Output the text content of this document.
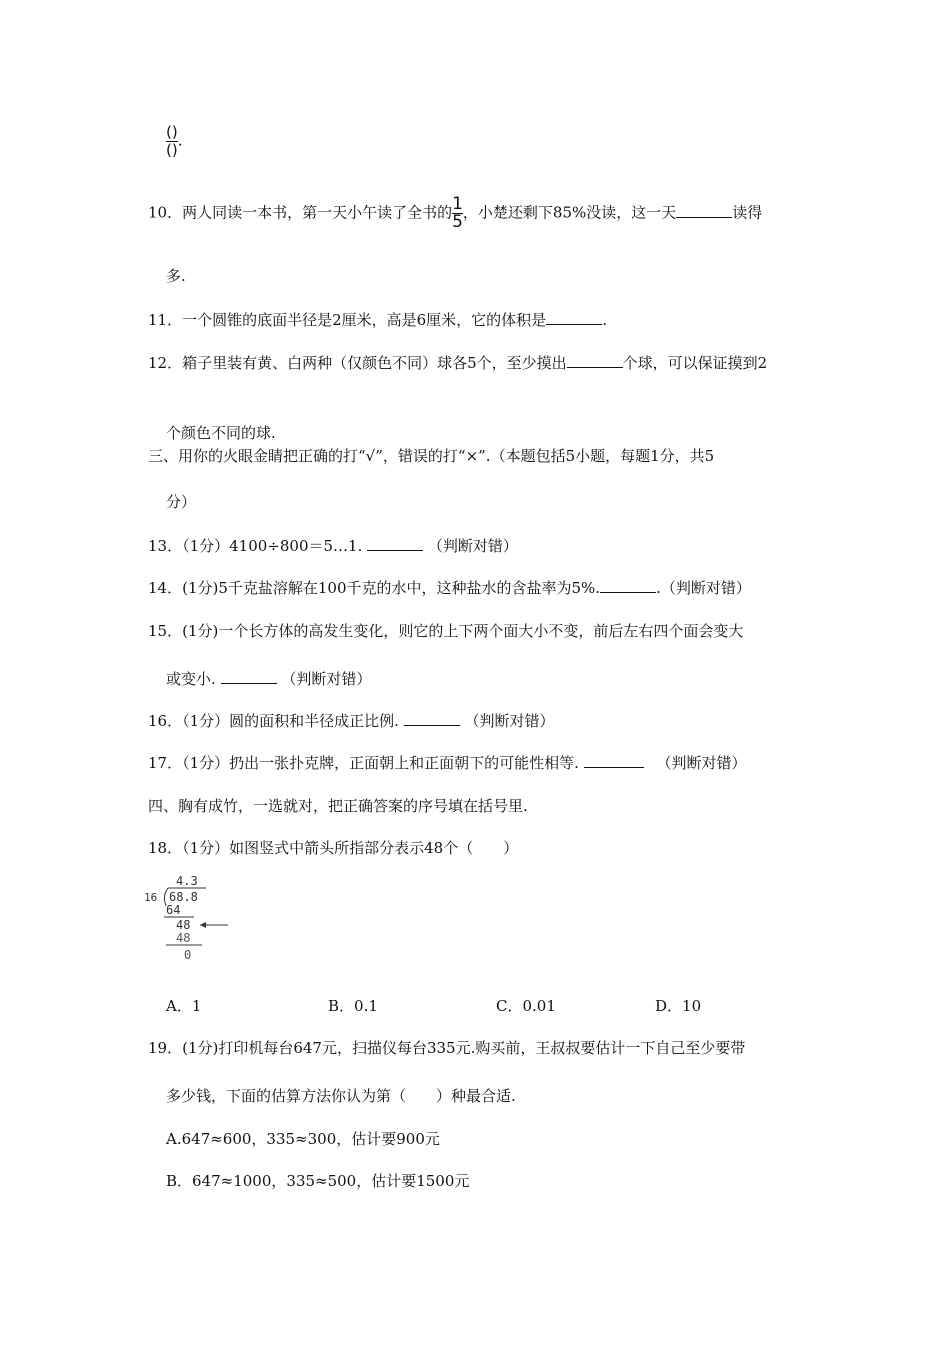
$\frac{()}{()}$ .
10．两人同读一本书，第一天小午读了全书的 $\frac{1}{5}$ ，小楚还剩下85%没读，这一天	读得
多.
11．一个圆锥的底面半径是2厘米，高是6厘米，它的体积是	.
12．箱子里装有黄、白两种（仅颜色不同）球各5个，至少摸出	个球，可以保证摸到2
个颜色不同的球.
三、用你的火眼金睛把正确的打“√”，错误的打“×”.（本题包括5小题，每题1分，共5
分）
13．（1分）4100÷800＝5…1.	（判断对错）
14．(1分)5千克盐溶解在100千克的水中，这种盐水的含盐率为5%.	.（判断对错）
15．(1分)一个长方体的高发生变化，则它的上下两个面大小不变，前后左右四个面会变大
或变小.	（判断对错）
16．（1分）圆的面积和半径成正比例.	（判断对错）
17．（1分）扔出一张扑克牌，正面朝上和正面朝下的可能性相等.	（判断对错）
四、胸有成竹，一选就对，把正确答案的序号填在括号里.
18．（1分）如图竖式中箭头所指部分表示48个（　　）
4.3
16 68.8
64
48
48
0
A．1	B．0.1	C．0.01	D．10
19．(1分)打印机每台647元，扫描仪每台335元.购买前，王叔叔要估计一下自己至少要带
多少钱，下面的估算方法你认为第（　　）种最合适.
A.647≈600，335≈300，估计要900元
B．647≈1000，335≈500，估计要1500元
